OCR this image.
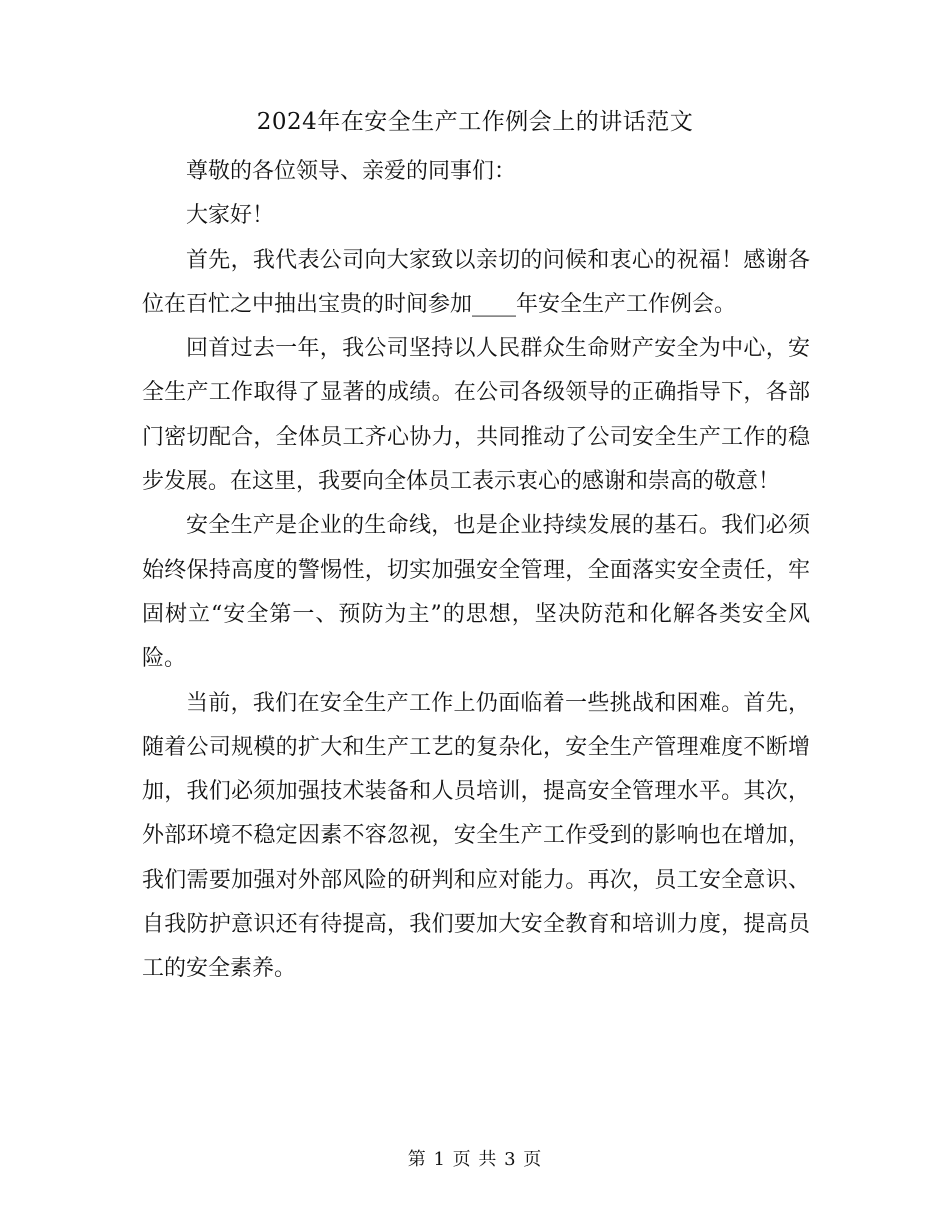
2024年在安全生产工作例会上的讲话范文

尊敬的各位领导、亲爱的同事们：

大家好！

首先，我代表公司向大家致以亲切的问候和衷心的祝福！感谢各位在百忙之中抽出宝贵的时间参加____年安全生产工作例会。

回首过去一年，我公司坚持以人民群众生命财产安全为中心，安全生产工作取得了显著的成绩。在公司各级领导的正确指导下，各部门密切配合，全体员工齐心协力，共同推动了公司安全生产工作的稳步发展。在这里，我要向全体员工表示衷心的感谢和崇高的敬意！

安全生产是企业的生命线，也是企业持续发展的基石。我们必须始终保持高度的警惕性，切实加强安全管理，全面落实安全责任，牢固树立“安全第一、预防为主”的思想，坚决防范和化解各类安全风险。

当前，我们在安全生产工作上仍面临着一些挑战和困难。首先，随着公司规模的扩大和生产工艺的复杂化，安全生产管理难度不断增加，我们必须加强技术装备和人员培训，提高安全管理水平。其次，外部环境不稳定因素不容忽视，安全生产工作受到的影响也在增加，我们需要加强对外部风险的研判和应对能力。再次，员工安全意识、自我防护意识还有待提高，我们要加大安全教育和培训力度，提高员工的安全素养。

第 1 页 共 3 页
